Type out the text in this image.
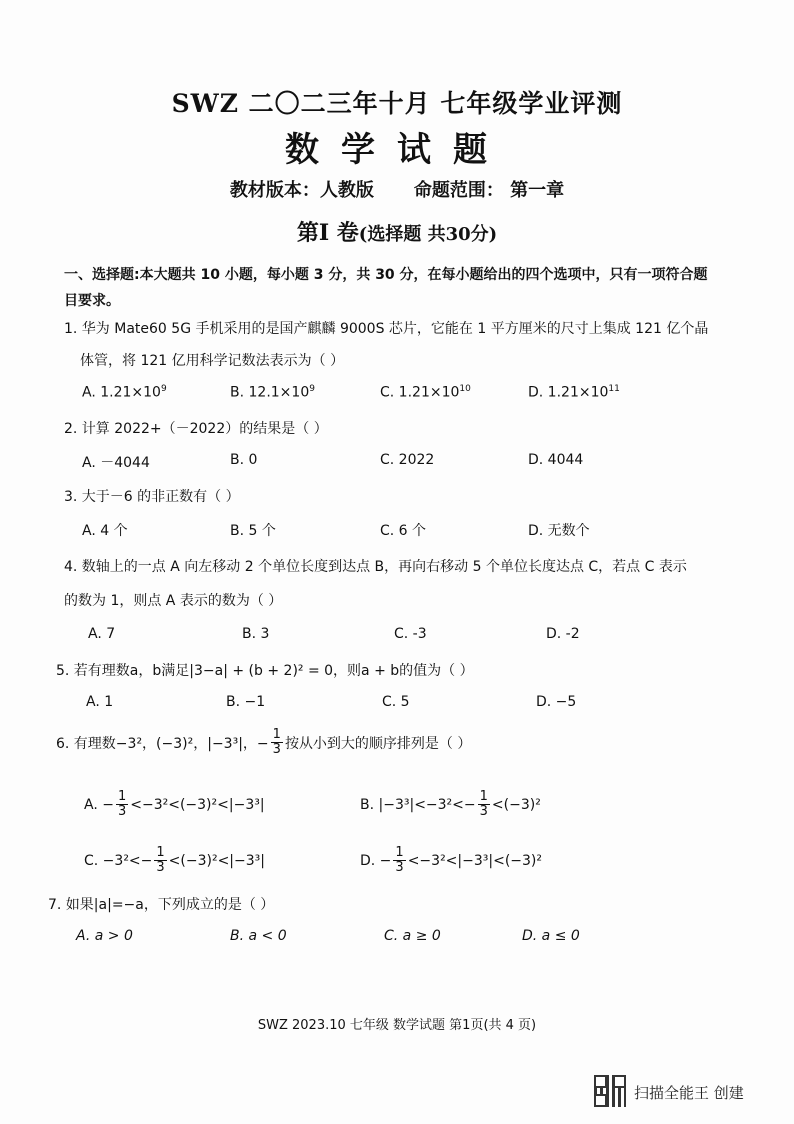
SWZ 二〇二三年十月 七年级学业评测
数学试题
教材版本：人教版 命题范围： 第一章
第Ⅰ 卷(选择题 共30分)
一、选择题:本大题共 10 小题，每小题 3 分，共 30 分，在每小题给出的四个选项中，只有一项符合题
目要求。
1. 华为 Mate60 5G 手机采用的是国产麒麟 9000S 芯片，它能在 1 平方厘米的尺寸上集成 121 亿个晶
体管，将 121 亿用科学记数法表示为（ ）
A. $1.21\times 10^9$	B. $12.1\times 10^9$	C. $1.21\times 10^{10}$	D. $1.21\times 10^{11}$
2. 计算 2022+（－2022）的结果是（ ）
A. －4044	B. 0	C. 2022	D. 4044
3. 大于－6 的非正数有（ ）
A. 4 个	B. 5 个	C. 6 个	D. 无数个
4. 数轴上的一点 A 向左移动 2 个单位长度到达点 B，再向右移动 5 个单位长度达点 C，若点 C 表示
的数为 1，则点 A 表示的数为（ ）
A. 7	B. 3	C. -3	D. -2
5. 若有理数a，b满足|3−a| + (b + 2)² = 0，则a + b的值为（ ）
A. 1	B. −1	C. 5	D. −5
6. 有理数−3²，(−3)²，|−3³|，− $\frac{1}{3}$ 按从小到大的顺序排列是（ ）
A. − $\frac{1}{3} <-3^2<(-3)^2<|-3^3|$	B. $|-3^3|<-3^2<- \frac{1}{3} <(-3)^2$
C. $-3^2<- \frac{1}{3} <(-3)^2<|-3^3|$	D. − $\frac{1}{3} <-3^2<|-3^3|<(-3)^2$
7. 如果|a|=−a，下列成立的是（ ）
A. a > 0	B. a < 0	C. a ≥ 0	D. a ≤ 0
SWZ 2023.10 七年级 数学试题 第1页(共 4 页)
扫描全能王 创建
